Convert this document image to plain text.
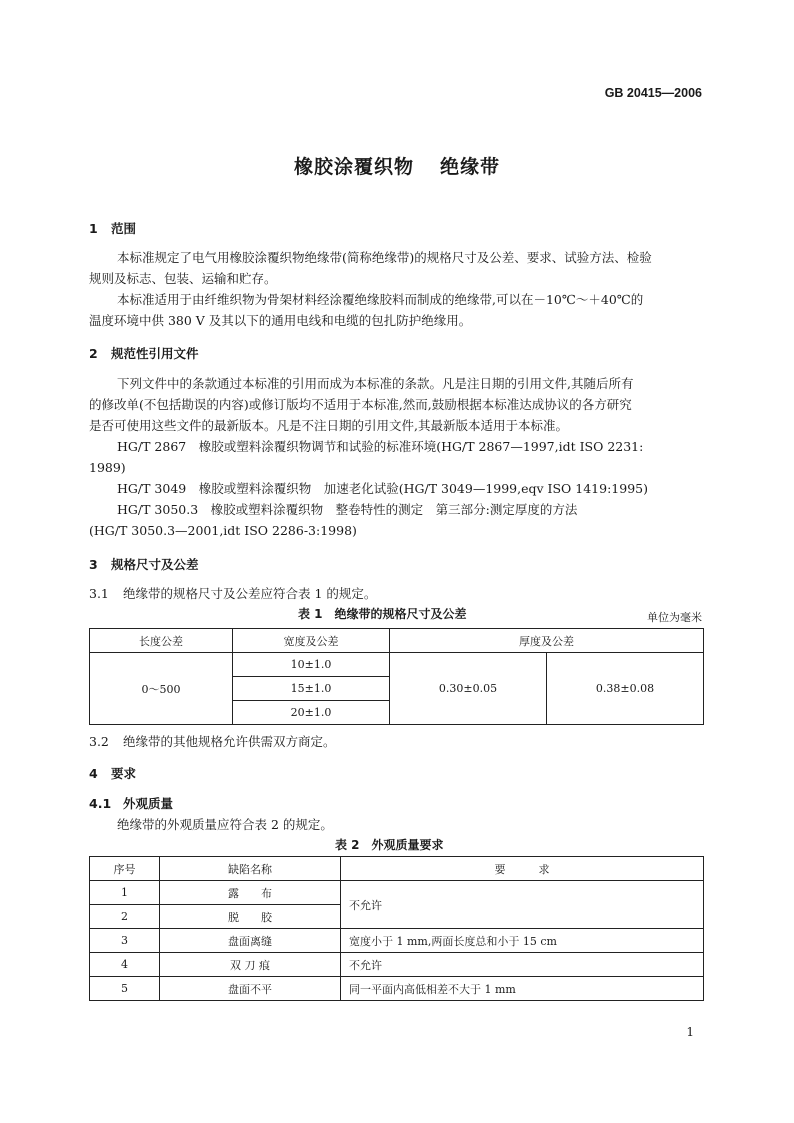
GB 20415—2006
橡胶涂覆织物 绝缘带
1 范围
本标准规定了电气用橡胶涂覆织物绝缘带(简称绝缘带)的规格尺寸及公差、要求、试验方法、检验
规则及标志、包装、运输和贮存。
本标准适用于由纤维织物为骨架材料经涂覆绝缘胶料而制成的绝缘带,可以在－10℃～＋40℃的
温度环境中供 380 V 及其以下的通用电线和电缆的包扎防护绝缘用。
2 规范性引用文件
下列文件中的条款通过本标准的引用而成为本标准的条款。凡是注日期的引用文件,其随后所有
的修改单(不包括勘误的内容)或修订版均不适用于本标准,然而,鼓励根据本标准达成协议的各方研究
是否可使用这些文件的最新版本。凡是不注日期的引用文件,其最新版本适用于本标准。
HG/T 2867　橡胶或塑料涂覆织物调节和试验的标准环境(HG/T 2867—1997,idt ISO 2231:
1989)
HG/T 3049　橡胶或塑料涂覆织物　加速老化试验(HG/T 3049—1999,eqv ISO 1419:1995)
HG/T 3050.3　橡胶或塑料涂覆织物　整卷特性的测定　第三部分:测定厚度的方法
(HG/T 3050.3—2001,idt ISO 2286-3:1998)
3 规格尺寸及公差
3.1 绝缘带的规格尺寸及公差应符合表 1 的规定。
表 1　绝缘带的规格尺寸及公差	单位为毫米
长度公差	宽度及公差	厚度及公差	
0～500	10±1.0	0.30±0.05	0.38±0.08
	15±1.0		
	20±1.0		
3.2 绝缘带的其他规格允许供需双方商定。
4 要求
4.1 外观质量
绝缘带的外观质量应符合表 2 的规定。
表 2　外观质量要求
序号	缺陷名称	要　　　求
1	露　　布	不允许
2	脱　　胶	
3	盘面离缝	宽度小于 1 mm,两面长度总和小于 15 cm
4	双 刀 痕	不允许
5	盘面不平	同一平面内高低相差不大于 1 mm
1
